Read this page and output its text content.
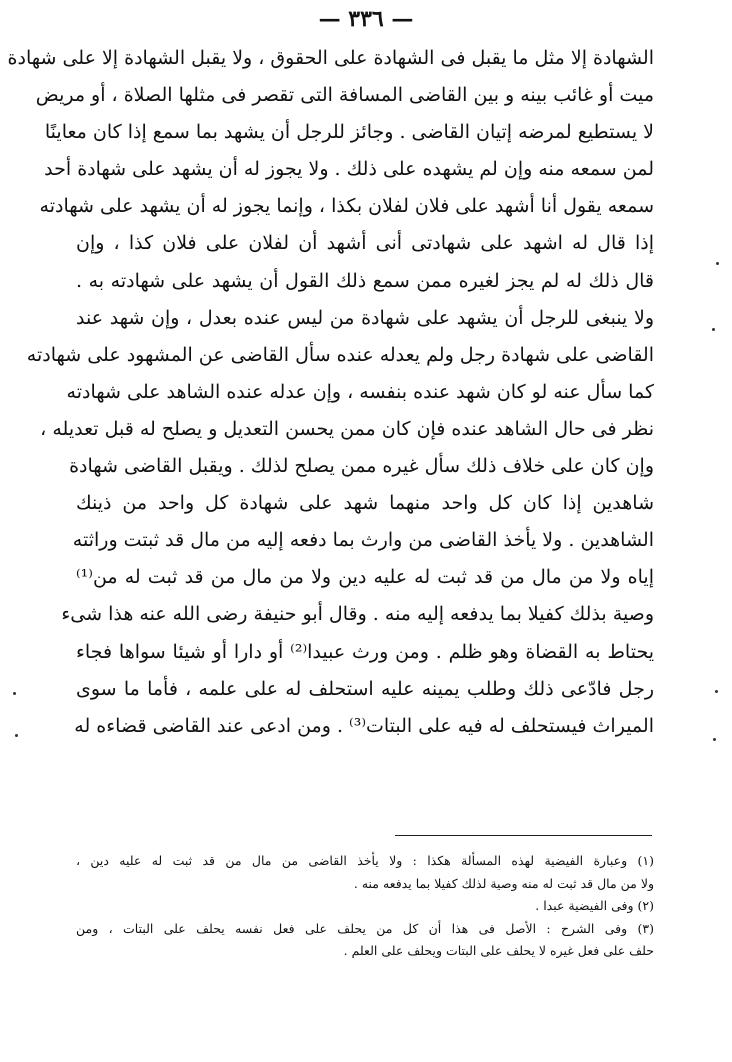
— ٣٣٦ —
الشهادة إلا مثل ما يقبل فى الشهادة على الحقوق ، ولا يقبل الشهادة إلا على شهادة
ميت أو غائب بينه و بين القاضى المسافة التى تقصر فى مثلها الصلاة ، أو مريض
لا يستطيع لمرضه إتيان القاضى . وجائز للرجل أن يشهد بما سمع إذا كان معاينًا
لمن سمعه منه وإن لم يشهده على ذلك . ولا يجوز له أن يشهد على شهادة أحد
سمعه يقول أنا أشهد على فلان لفلان بكذا ، وإنما يجوز له أن يشهد على شهادته
إذا قال له اشهد على شهادتى أنى أشهد أن لفلان على فلان كذا ، وإن
قال ذلك له لم يجز لغيره ممن سمع ذلك القول أن يشهد على شهادته به .
ولا ينبغى للرجل أن يشهد على شهادة من ليس عنده بعدل ، وإن شهد عند
القاضى على شهادة رجل ولم يعدله عنده سأل القاضى عن المشهود على شهادته
كما سأل عنه لو كان شهد عنده بنفسه ، وإن عدله عنده الشاهد على شهادته
نظر فى حال الشاهد عنده فإن كان ممن يحسن التعديل و يصلح له قبل تعديله ،
وإن كان على خلاف ذلك سأل غيره ممن يصلح لذلك . ويقبل القاضى شهادة
شاهدين إذا كان كل واحد منهما شهد على شهادة كل واحد من ذينك
الشاهدين . ولا يأخذ القاضى من وارث بما دفعه إليه من مال قد ثبتت وراثته
إياه ولا من مال من قد ثبت له عليه دين ولا من مال من قد ثبت له من⁽¹⁾
وصية بذلك كفيلا بما يدفعه إليه منه . وقال أبو حنيفة رضى الله عنه هذا شىء
يحتاط به القضاة وهو ظلم . ومن ورث عبيدا⁽²⁾ أو دارا أو شيئا سواها فجاء
رجل فادّعى ذلك وطلب يمينه عليه استحلف له على علمه ، فأما ما سوى
الميراث فيستحلف له فيه على البتات⁽³⁾ . ومن ادعى عند القاضى قضاءه له
(١) وعبارة الفيضية لهذه المسألة هكذا : ولا يأخذ القاضى من مال من قد ثبت له عليه دين ،
ولا من مال قد ثبت له منه وصية لذلك كفيلا بما يدفعه منه .
(٢) وفى الفيضية عبدا .
(٣) وفى الشرح : الأصل فى هذا أن كل من يحلف على فعل نفسه يحلف على البتات ، ومن
حلف على فعل غيره لا يحلف على البتات ويحلف على العلم .
